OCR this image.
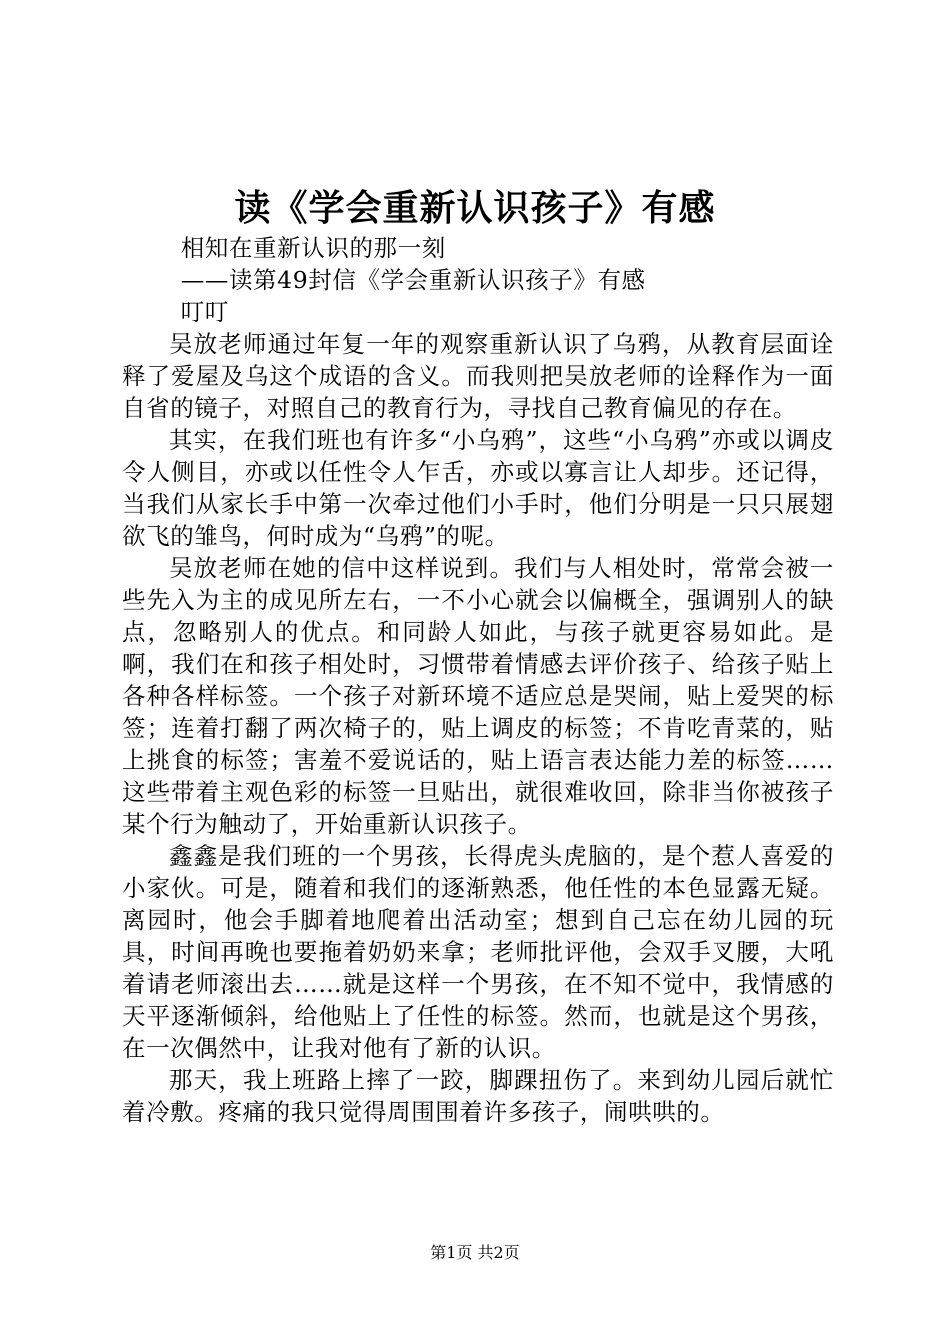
读《学会重新认识孩子》有感

相知在重新认识的那一刻

——读第49封信《学会重新认识孩子》有感

叮叮

吴放老师通过年复一年的观察重新认识了乌鸦，从教育层面诠释了爱屋及乌这个成语的含义。而我则把吴放老师的诠释作为一面自省的镜子，对照自己的教育行为，寻找自己教育偏见的存在。

其实，在我们班也有许多“小乌鸦”，这些“小乌鸦”亦或以调皮令人侧目，亦或以任性令人乍舌，亦或以寡言让人却步。还记得，当我们从家长手中第一次牵过他们小手时，他们分明是一只只展翅欲飞的雏鸟，何时成为“乌鸦”的呢。

吴放老师在她的信中这样说到。我们与人相处时，常常会被一些先入为主的成见所左右，一不小心就会以偏概全，强调别人的缺点，忽略别人的优点。和同龄人如此，与孩子就更容易如此。是啊，我们在和孩子相处时，习惯带着情感去评价孩子、给孩子贴上各种各样标签。一个孩子对新环境不适应总是哭闹，贴上爱哭的标签；连着打翻了两次椅子的，贴上调皮的标签；不肯吃青菜的，贴上挑食的标签；害羞不爱说话的，贴上语言表达能力差的标签……这些带着主观色彩的标签一旦贴出，就很难收回，除非当你被孩子某个行为触动了，开始重新认识孩子。

鑫鑫是我们班的一个男孩，长得虎头虎脑的，是个惹人喜爱的小家伙。可是，随着和我们的逐渐熟悉，他任性的本色显露无疑。离园时，他会手脚着地爬着出活动室；想到自己忘在幼儿园的玩具，时间再晚也要拖着奶奶来拿；老师批评他，会双手叉腰，大吼着请老师滚出去……就是这样一个男孩，在不知不觉中，我情感的天平逐渐倾斜，给他贴上了任性的标签。然而，也就是这个男孩，在一次偶然中，让我对他有了新的认识。

那天，我上班路上摔了一跤，脚踝扭伤了。来到幼儿园后就忙着冷敷。疼痛的我只觉得周围围着许多孩子，闹哄哄的。

第1页 共2页
